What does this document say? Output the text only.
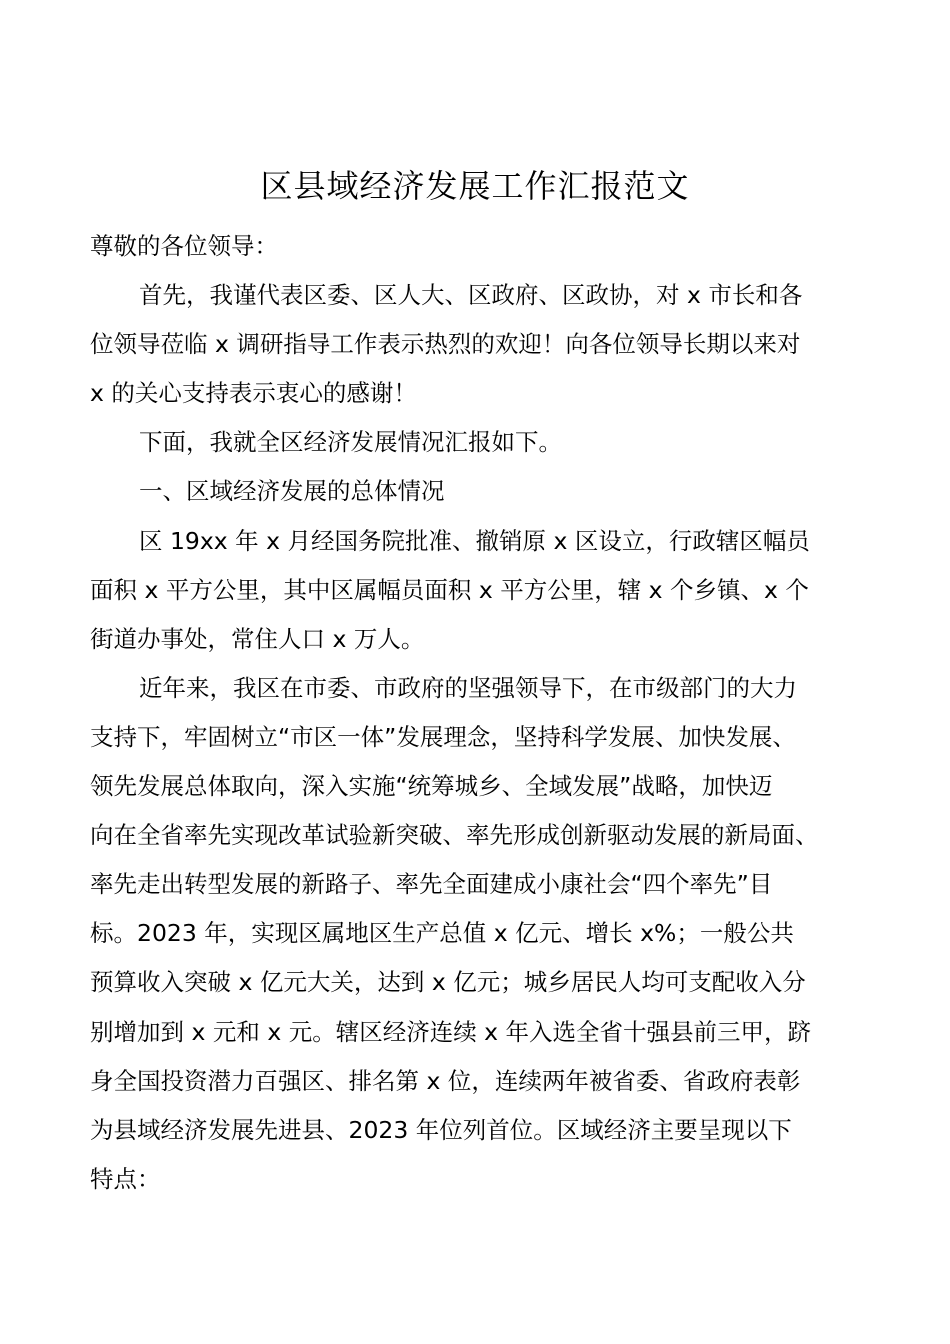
区县域经济发展工作汇报范文

尊敬的各位领导：

首先，我谨代表区委、区人大、区政府、区政协，对 x 市长和各
位领导莅临 x 调研指导工作表示热烈的欢迎！向各位领导长期以来对
x 的关心支持表示衷心的感谢！

下面，我就全区经济发展情况汇报如下。

一、区域经济发展的总体情况

区 19xx 年 x 月经国务院批准、撤销原 x 区设立，行政辖区幅员
面积 x 平方公里，其中区属幅员面积 x 平方公里，辖 x 个乡镇、x 个
街道办事处，常住人口 x 万人。

近年来，我区在市委、市政府的坚强领导下，在市级部门的大力
支持下，牢固树立“市区一体”发展理念，坚持科学发展、加快发展、
领先发展总体取向，深入实施“统筹城乡、全域发展”战略，加快迈
向在全省率先实现改革试验新突破、率先形成创新驱动发展的新局面、
率先走出转型发展的新路子、率先全面建成小康社会“四个率先”目
标。2023 年，实现区属地区生产总值 x 亿元、增长 x%；一般公共
预算收入突破 x 亿元大关，达到 x 亿元；城乡居民人均可支配收入分
别增加到 x 元和 x 元。辖区经济连续 x 年入选全省十强县前三甲，跻
身全国投资潜力百强区、排名第 x 位，连续两年被省委、省政府表彰
为县域经济发展先进县、2023 年位列首位。区域经济主要呈现以下
特点：
